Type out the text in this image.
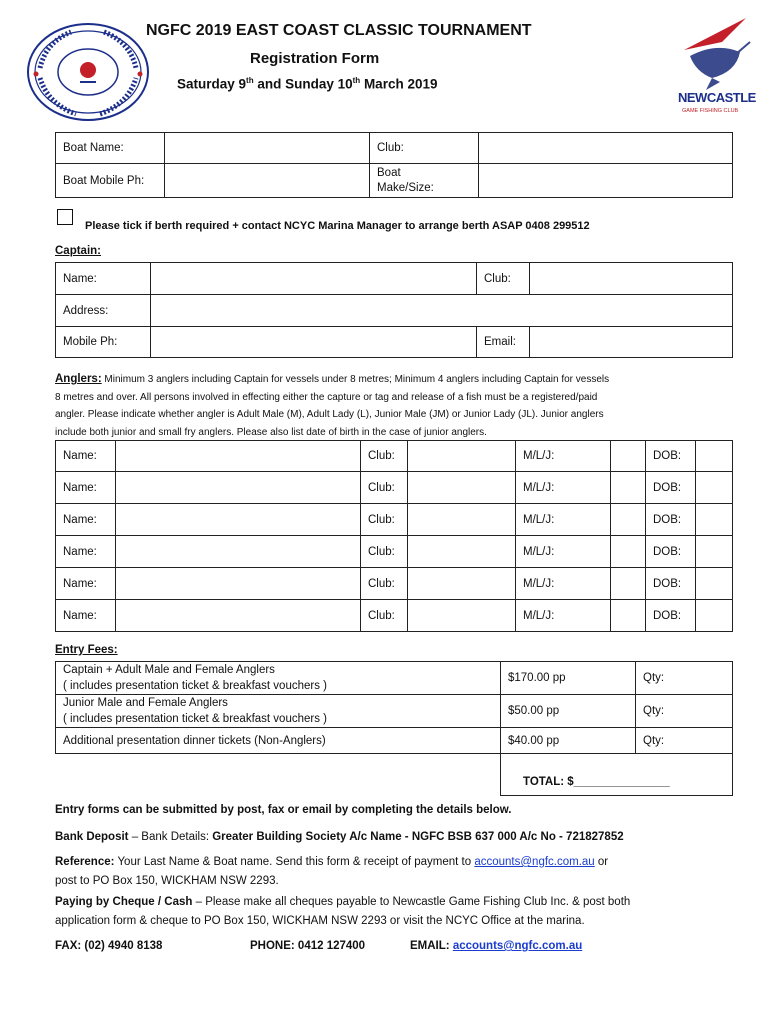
NGFC 2019 EAST COAST CLASSIC TOURNAMENT
Registration Form
Saturday 9th and Sunday 10th March 2019
NEWCASTLE
GAME FISHING CLUB
Boat Name:		Club:	
Boat Mobile Ph:		Boat
Make/Size:	
Please tick if berth required + contact NCYC Marina Manager to arrange berth ASAP 0408 299512
Captain:
Name:		Club:	
Address:			
Mobile Ph:		Email:	
Anglers: Minimum 3 anglers including Captain for vessels under 8 metres; Minimum 4 anglers including Captain for vessels
8 metres and over. All persons involved in effecting either the capture or tag and release of a fish must be a registered/paid
angler. Please indicate whether angler is Adult Male (M), Adult Lady (L), Junior Male (JM) or Junior Lady (JL). Junior anglers
include both junior and small fry anglers. Please also list date of birth in the case of junior anglers.
Name:		Club:		M/L/J:		DOB:	
Name:		Club:		M/L/J:		DOB:	
Name:		Club:		M/L/J:		DOB:	
Name:		Club:		M/L/J:		DOB:	
Name:		Club:		M/L/J:		DOB:	
Name:		Club:		M/L/J:		DOB:	
Entry Fees:
Captain + Adult Male and Female Anglers
( includes presentation ticket & breakfast vouchers )	$170.00 pp	Qty:
Junior Male and Female Anglers
( includes presentation ticket & breakfast vouchers )	$50.00 pp	Qty:
Additional presentation dinner tickets (Non-Anglers)	$40.00 pp	Qty:
	TOTAL: $_______________	
Entry forms can be submitted by post, fax or email by completing the details below.
Bank Deposit – Bank Details: Greater Building Society A/c Name - NGFC BSB 637 000 A/c No - 721827852
Reference: Your Last Name & Boat name. Send this form & receipt of payment to accounts@ngfc.com.au or
post to PO Box 150, WICKHAM NSW 2293.
Paying by Cheque / Cash – Please make all cheques payable to Newcastle Game Fishing Club Inc. & post both
application form & cheque to PO Box 150, WICKHAM NSW 2293 or visit the NCYC Office at the marina.
FAX: (02) 4940 8138	PHONE: 0412 127400	EMAIL: accounts@ngfc.com.au
